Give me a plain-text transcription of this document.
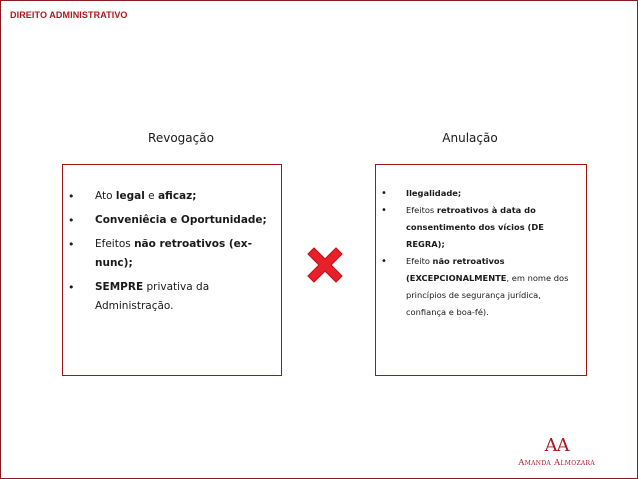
DIREITO ADMINISTRATIVO
Revogação	Anulação
• Ato legal e aficaz;
• Conveniêcia e Oportunidade;
• Efeitos não retroativos (ex-nunc);
• SEMPRE privativa da Administração.
• Ilegalidade;
• Efeitos retroativos à data do consentimento dos vícios (DE REGRA);
• Efeito não retroativos (EXCEPCIONALMENTE, em nome dos princípios de segurança jurídica, confiança e boa-fé).
AA
Amanda Almozara
